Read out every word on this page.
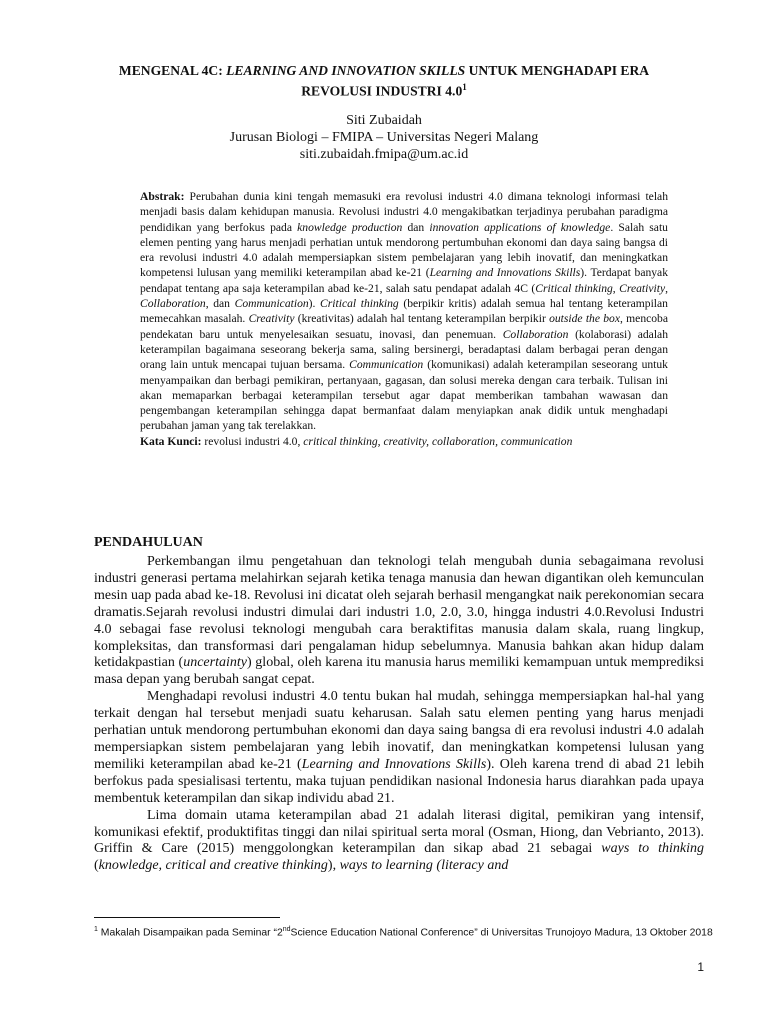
MENGENAL 4C: LEARNING AND INNOVATION SKILLS UNTUK MENGHADAPI ERA
REVOLUSI INDUSTRI $4.0^1$
Siti Zubaidah
Jurusan Biologi – FMIPA – Universitas Negeri Malang
siti.zubaidah.fmipa@um.ac.id

Abstrak: Perubahan dunia kini tengah memasuki era revolusi industri 4.0 dimana teknologi informasi telah menjadi basis dalam kehidupan manusia. Revolusi industri 4.0 mengakibatkan terjadinya perubahan paradigma pendidikan yang berfokus pada knowledge production dan innovation applications of knowledge. Salah satu elemen penting yang harus menjadi perhatian untuk mendorong pertumbuhan ekonomi dan daya saing bangsa di era revolusi industri 4.0 adalah mempersiapkan sistem pembelajaran yang lebih inovatif, dan meningkatkan kompetensi lulusan yang memiliki keterampilan abad ke-21 (Learning and Innovations Skills). Terdapat banyak pendapat tentang apa saja keterampilan abad ke-21, salah satu pendapat adalah 4C (Critical thinking, Creativity, Collaboration, dan Communication). Critical thinking (berpikir kritis) adalah semua hal tentang keterampilan memecahkan masalah. Creativity (kreativitas) adalah hal tentang keterampilan berpikir outside the box, mencoba pendekatan baru untuk menyelesaikan sesuatu, inovasi, dan penemuan. Collaboration (kolaborasi) adalah keterampilan bagaimana seseorang bekerja sama, saling bersinergi, beradaptasi dalam berbagai peran dengan orang lain untuk mencapai tujuan bersama. Communication (komunikasi) adalah keterampilan seseorang untuk menyampaikan dan berbagi pemikiran, pertanyaan, gagasan, dan solusi mereka dengan cara terbaik. Tulisan ini akan memaparkan berbagai keterampilan tersebut agar dapat memberikan tambahan wawasan dan pengembangan keterampilan sehingga dapat bermanfaat dalam menyiapkan anak didik untuk menghadapi perubahan jaman yang tak terelakkan.

Kata Kunci: revolusi industri 4.0, critical thinking, creativity, collaboration, communication

PENDAHULUAN

Perkembangan ilmu pengetahuan dan teknologi telah mengubah dunia sebagaimana revolusi industri generasi pertama melahirkan sejarah ketika tenaga manusia dan hewan digantikan oleh kemunculan mesin uap pada abad ke-18. Revolusi ini dicatat oleh sejarah berhasil mengangkat naik perekonomian secara dramatis.Sejarah revolusi industri dimulai dari industri 1.0, 2.0, 3.0, hingga industri 4.0.Revolusi Industri 4.0 sebagai fase revolusi teknologi mengubah cara beraktifitas manusia dalam skala, ruang lingkup, kompleksitas, dan transformasi dari pengalaman hidup sebelumnya. Manusia bahkan akan hidup dalam ketidakpastian (uncertainty) global, oleh karena itu manusia harus memiliki kemampuan untuk memprediksi masa depan yang berubah sangat cepat.

Menghadapi revolusi industri 4.0 tentu bukan hal mudah, sehingga mempersiapkan hal-hal yang terkait dengan hal tersebut menjadi suatu keharusan. Salah satu elemen penting yang harus menjadi perhatian untuk mendorong pertumbuhan ekonomi dan daya saing bangsa di era revolusi industri 4.0 adalah mempersiapkan sistem pembelajaran yang lebih inovatif, dan meningkatkan kompetensi lulusan yang memiliki keterampilan abad ke-21 (Learning and Innovations Skills). Oleh karena trend di abad 21 lebih berfokus pada spesialisasi tertentu, maka tujuan pendidikan nasional Indonesia harus diarahkan pada upaya membentuk keterampilan dan sikap individu abad 21.

Lima domain utama keterampilan abad 21 adalah literasi digital, pemikiran yang intensif, komunikasi efektif, produktifitas tinggi dan nilai spiritual serta moral (Osman, Hiong, dan Vebrianto, 2013). Griffin & Care (2015) menggolongkan keterampilan dan sikap abad 21 sebagai ways to thinking (knowledge, critical and creative thinking), ways to learning (literacy and

$^1$ Makalah Disampaikan pada Seminar “2ndScience Education National Conference” di Universitas Trunojoyo Madura, 13 Oktober 2018
1
